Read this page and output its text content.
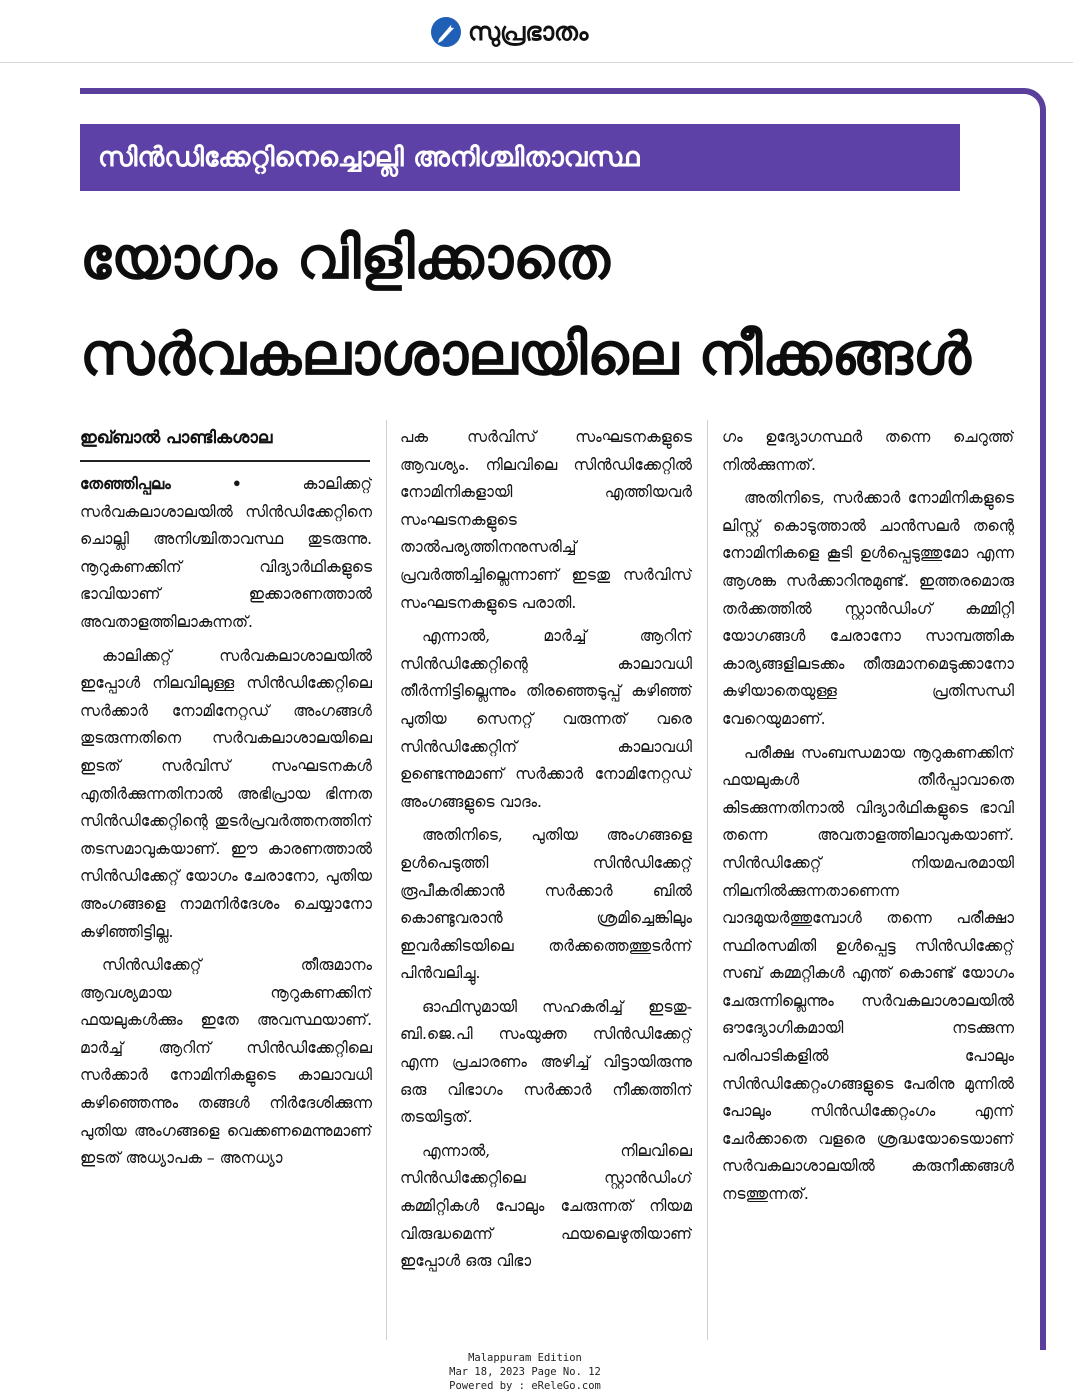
സുപ്രഭാതം
സിൻഡിക്കേറ്റിനെച്ചൊല്ലി അനിശ്ചിതാവസ്ഥ
യോഗം വിളിക്കാതെ
സർവകലാശാലയിലെ നീക്കങ്ങൾ
ഇഖ്ബാൽ പാണ്ടികശാല

തേഞ്ഞിപ്പലം •	കാലിക്കറ്റ് സർവകലാശാലയിൽ സിൻഡിക്കേറ്റിനെ ചൊല്ലി അനിശ്ചിതാവസ്ഥ തുടരുന്നു. നൂറുകണക്കിന് വിദ്യാർഥികളുടെ ഭാവിയാണ് ഇക്കാരണത്താൽ അവതാളത്തിലാകുന്നത്.

കാലിക്കറ്റ് സർവകലാശാലയിൽ ഇപ്പോൾ നിലവിലുള്ള സിൻഡിക്കേറ്റിലെ സർക്കാർ നോമിനേറ്റഡ് അംഗങ്ങൾ തുടരുന്നതിനെ സർവകലാശാലയിലെ ഇടത് സർവിസ് സംഘടനകൾ എതിർക്കുന്നതിനാൽ അഭിപ്രായ ഭിന്നത സിൻഡിക്കേറ്റിന്റെ തുടർപ്രവർത്തനത്തിന് തടസമാവുകയാണ്. ഈ കാരണത്താൽ സിൻഡിക്കേറ്റ് യോഗം ചേരാനോ, പുതിയ അംഗങ്ങളെ നാമനിർദേശം ചെയ്യാനോ കഴിഞ്ഞിട്ടില്ല.

സിൻഡിക്കേറ്റ് തീരുമാനം ആവശ്യമായ നൂറുകണക്കിന് ഫയലുകൾക്കും ഇതേ അവസ്ഥയാണ്. മാർച്ച് ആറിന് സിൻഡിക്കേറ്റിലെ സർക്കാർ നോമിനികളുടെ കാലാവധി കഴിഞ്ഞെന്നും തങ്ങൾ നിർദേശിക്കുന്ന പുതിയ അംഗങ്ങളെ വെക്കണമെന്നുമാണ് ഇടത് അധ്യാപക – അനധ്യാ

പക സർവിസ് സംഘടനകളുടെ ആവശ്യം. നിലവിലെ സിൻഡിക്കേറ്റിൽ നോമിനികളായി എത്തിയവർ സംഘടനകളുടെ താൽപര്യത്തിനനുസരിച്ച് പ്രവർത്തിച്ചില്ലെന്നാണ് ഇടതു സർവിസ് സംഘടനകളുടെ പരാതി.

എന്നാൽ, മാർച്ച് ആറിന് സിൻഡിക്കേറ്റിന്റെ കാലാവധി തീർന്നിട്ടില്ലെന്നും തിരഞ്ഞെടുപ്പ് കഴിഞ്ഞ് പുതിയ സെനറ്റ് വരുന്നത് വരെ സിൻഡിക്കേറ്റിന് കാലാവധി ഉണ്ടെന്നുമാണ് സർക്കാർ നോമിനേറ്റഡ് അംഗങ്ങളുടെ വാദം.

അതിനിടെ, പുതിയ അംഗങ്ങളെ ഉൾപെടുത്തി സിൻഡിക്കേറ്റ് രൂപീകരിക്കാൻ സർക്കാർ ബിൽ കൊണ്ടുവരാൻ ശ്രമിച്ചെങ്കിലും ഇവർക്കിടയിലെ തർക്കത്തെത്തുടർന്ന് പിൻവലിച്ചു.

ഓഫിസുമായി സഹകരിച്ച് ഇടതു-ബി.ജെ.പി സംയുക്ത സിൻഡിക്കേറ്റ് എന്ന പ്രചാരണം അഴിച്ച് വിട്ടായിരുന്നു ഒരു വിഭാഗം സർക്കാർ നീക്കത്തിന് തടയിട്ടത്.

എന്നാൽ, നിലവിലെ സിൻഡിക്കേറ്റിലെ സ്റ്റാൻഡിംഗ് കമ്മിറ്റികൾ പോലും ചേരുന്നത് നിയമ വിരുദ്ധമെന്ന് ഫയലെഴുതിയാണ് ഇപ്പോൾ ഒരു വിഭാ

ഗം ഉദ്യോഗസ്ഥർ തന്നെ ചെറുത്ത് നിൽക്കുന്നത്.

അതിനിടെ, സർക്കാർ നോമിനികളുടെ ലിസ്റ്റ് കൊടുത്താൽ ചാൻസലർ തന്റെ നോമിനികളെ കൂടി ഉൾപ്പെടുത്തുമോ എന്ന ആശങ്ക സർക്കാറിനുമുണ്ട്. ഇത്തരമൊരു തർക്കത്തിൽ സ്റ്റാൻഡിംഗ് കമ്മിറ്റി യോഗങ്ങൾ ചേരാനോ സാമ്പത്തിക കാര്യങ്ങളിലടക്കം തീരുമാനമെടുക്കാനോ കഴിയാതെയുള്ള പ്രതിസന്ധി വേറെയുമാണ്.

പരീക്ഷ സംബന്ധമായ നൂറുകണക്കിന് ഫയലുകൾ തീർപ്പാവാതെ കിടക്കുന്നതിനാൽ വിദ്യാർഥികളുടെ ഭാവി തന്നെ അവതാളത്തിലാവുകയാണ്. സിൻഡിക്കേറ്റ് നിയമപരമായി നിലനിൽക്കുന്നതാണെന്ന വാദമുയർത്തുമ്പോൾ തന്നെ പരീക്ഷാ സ്ഥിരസമിതി ഉൾപ്പെട്ട സിൻഡിക്കേറ്റ് സബ് കമ്മറ്റികൾ എന്ത് കൊണ്ട് യോഗം ചേരുന്നില്ലെന്നും സർവകലാശാലയിൽ ഔദ്യോഗികമായി നടക്കുന്ന പരിപാടികളിൽ പോലും സിൻഡിക്കേറ്റംഗങ്ങളുടെ പേരിനു മുന്നിൽ പോലും സിൻഡിക്കേറ്റംഗം എന്ന് ചേർക്കാതെ വളരെ ശ്രദ്ധയോടെയാണ് സർവകലാശാലയിൽ കരുനീക്കങ്ങൾ നടത്തുന്നത്.

Malappuram Edition
Mar 18, 2023 Page No. 12
Powered by : eReleGo.com
